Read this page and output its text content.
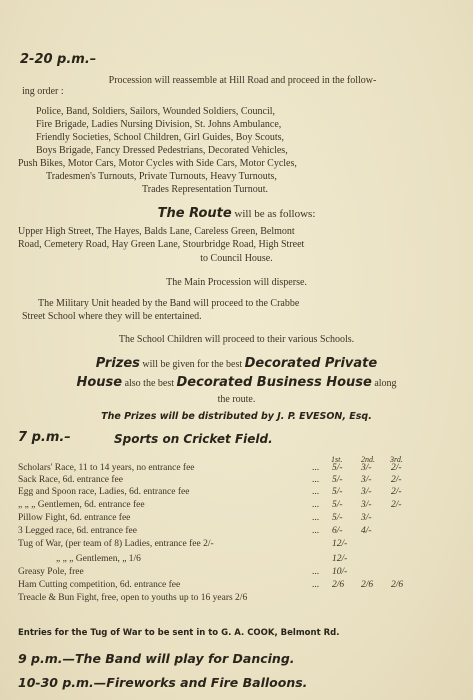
2-20 p.m.–
Procession will reassemble at Hill Road and proceed in the follow-
ing order :
Police, Band, Soldiers, Sailors, Wounded Soldiers, Council,
Fire Brigade, Ladies Nursing Division, St. Johns Ambulance,
Friendly Societies, School Children, Girl Guides, Boy Scouts,
Boys Brigade, Fancy Dressed Pedestrians, Decorated Vehicles,
Push Bikes, Motor Cars, Motor Cycles with Side Cars, Motor Cycles,
Tradesmen's Turnouts, Private Turnouts, Heavy Turnouts,
Trades Representation Turnout.
The Route will be as follows:
Upper High Street, The Hayes, Balds Lane, Careless Green, Belmont
Road, Cemetery Road, Hay Green Lane, Stourbridge Road, High Street
to Council House.
The Main Procession will disperse.
The Military Unit headed by the Band will proceed to the Crabbe
Street School where they will be entertained.
The School Children will proceed to their various Schools.
Prizes will be given for the best Decorated Private
House also the best Decorated Business House along
the route.
The Prizes will be distributed by J. P. EVESON, Esq.
7 p.m.–	Sports on Cricket Field.
1st. 2nd. 3rd.
Scholars' Race, 11 to 14 years, no entrance fee	... 5/- 3/- 2/-
Sack Race, 6d. entrance fee	... 5/- 3/- 2/-
Egg and Spoon race, Ladies, 6d. entrance fee	... 5/- 3/- 2/-
„ „ „ Gentlemen, 6d. entrance fee	... 5/- 3/- 2/-
Pillow Fight, 6d. entrance fee	... 5/- 3/-
3 Legged race, 6d. entrance fee	... 6/- 4/-
Tug of War, (per team of 8) Ladies, entrance fee 2/-	12/-
„ „ „ Gentlemen, „ 1/6	12/-
Greasy Pole, free	... 10/-
Ham Cutting competition, 6d. entrance fee	... 2/6 2/6 2/6
Treacle & Bun Fight, free, open to youths up to 16 years 2/6
Entries for the Tug of War to be sent in to G. A. COOK, Belmont Rd.
9 p.m.—The Band will play for Dancing.
10-30 p.m.—Fireworks and Fire Balloons.
